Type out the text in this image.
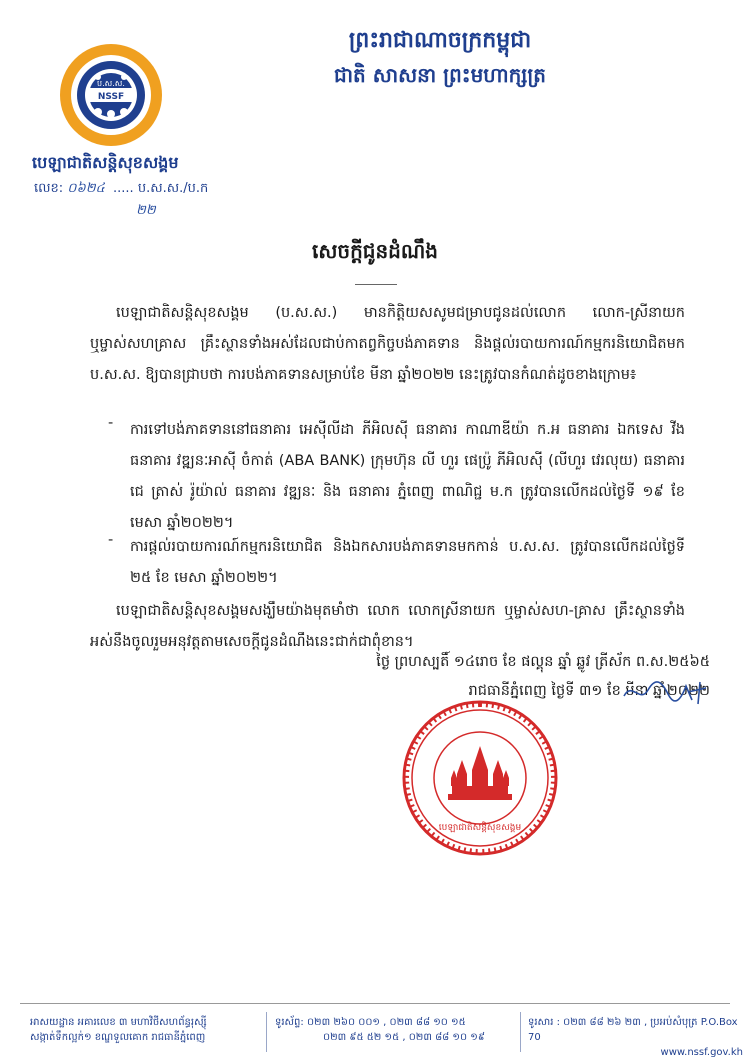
ព្រះរាជាណាចក្រកម្ពុជា
ជាតិ សាសនា ព្រះមហាក្សត្រ
ប.ស.ស.
NSSF
បេឡាជាតិសន្តិសុខសង្គម
លេខ: ០៦២៤  ..... ប.ស.ស./ប.ក
២២
សេចក្តីជូនដំណឹង
បេឡាជាតិសន្តិសុខសង្គម (ប.ស.ស.) មានកិត្តិយសសូមជម្រាបជូនដល់លោក លោក-ស្រីនាយក ឬម្ចាស់សហគ្រាស គ្រឹះស្ថានទាំងអស់ដែលជាប់កាតព្វកិច្ចបង់ភាគទាន និងផ្តល់របាយការណ៍កម្មករនិយោជិតមក ប.ស.ស. ឱ្យបានជ្រាបថា ការបង់ភាគទានសម្រាប់ខែ មីនា ឆ្នាំ២០២២ នេះត្រូវបានកំណត់ដូចខាងក្រោម៖
- ការទៅបង់ភាគទាននៅធនាគារ អេស៊ីលីដា ភីអិលស៊ី ធនាគារ កាណាឌីយ៉ា ក.អ ធនាគារ ឯកទេស វីង ធនាគារ វឌ្ឍនៈអាស៊ី ចំកាត់ (ABA BANK) ក្រុមហ៊ុន លី ហួរ ផេប្រ៉ូ ភីអិលស៊ី (លីហួរ វេរលុយ) ធនាគារ ជេ ត្រាស់ រ៉ូយ៉ាល់ ធនាគារ វឌ្ឍនៈ និង ធនាគារ ភ្នំពេញ ពាណិជ្ជ ម.ក ត្រូវបានលើកដល់ថ្ងៃទី ១៩ ខែ មេសា ឆ្នាំ២០២២។
- ការផ្តល់របាយការណ៍កម្មករនិយោជិត និងឯកសារបង់ភាគទានមកកាន់ ប.ស.ស. ត្រូវបានលើកដល់ថ្ងៃទី ២៥ ខែ មេសា ឆ្នាំ២០២២។
បេឡាជាតិសន្តិសុខសង្គមសង្ឃឹមយ៉ាងមុតមាំថា លោក លោកស្រីនាយក ឬម្ចាស់សហ-គ្រាស គ្រឹះស្ថានទាំងអស់នឹងចូលរួមអនុវត្តតាមសេចក្តីជូនដំណឹងនេះជាក់ជាពុំខាន។
ថ្ងៃ ព្រហស្បតិ៍ ១៤រោច ខែ ផល្គុន ឆ្នាំ ឆ្លូវ ត្រីស័ក ព.ស.២៥៦៥
រាជធានីភ្នំពេញ ថ្ងៃទី ៣១ ខែ មីនា ឆ្នាំ២០២២
បេឡាជាតិសន្តិសុខសង្គម
អាសយដ្ឋាន អគារលេខ ៣ មហាវិថីសហព័ន្ធរុស្ស៊ី
សង្កាត់ទឹកល្អក់១ ខណ្ឌទួលគោក រាជធានីភ្នំពេញ
ទូរស័ព្ទ: ០២៣ ២៦០ ០០១ , ០២៣ ៨៨ ១០ ១៥
០២៣ ៩៥ ៥២ ១៥ , ០២៣ ៨៨ ១០ ១៩
ទូរសារ : ០២៣ ៨៨ ២៦ ២៣ , ប្រអប់សំបុត្រ P.O.Box 70
www.nssf.gov.kh
